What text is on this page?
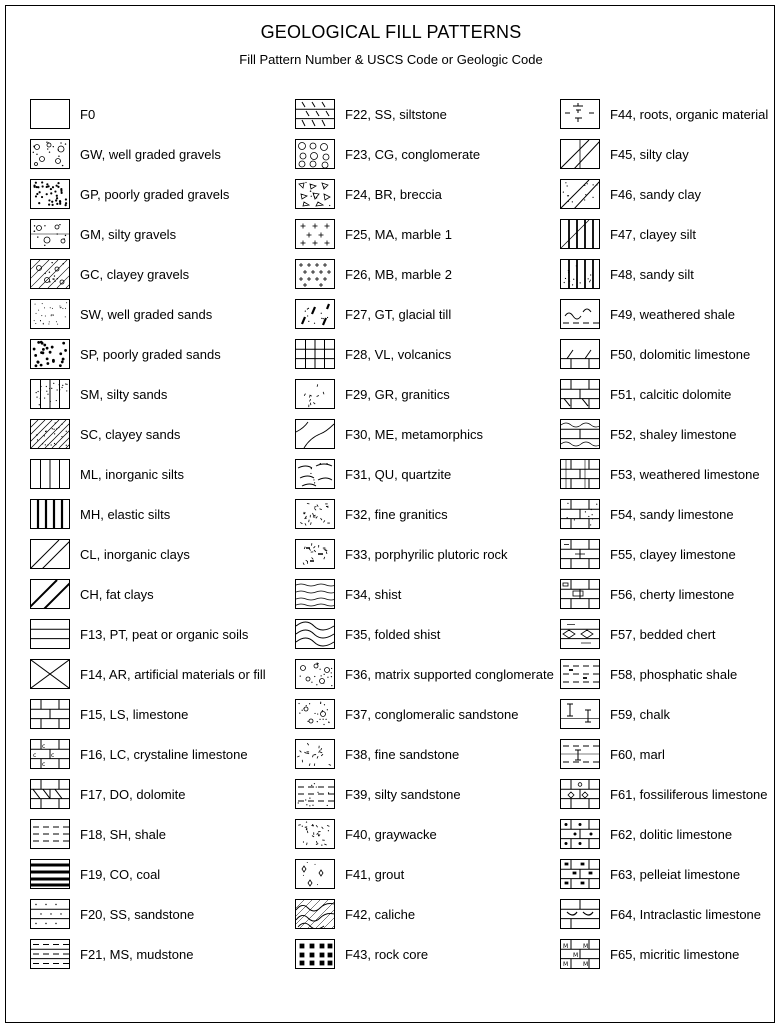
GEOLOGICAL FILL PATTERNS
Fill Pattern Number & USCS Code or Geologic Code
F0
GW, well graded gravels
GP, poorly graded gravels
GM, silty gravels
GC, clayey gravels
SW, well graded sands
SP, poorly graded sands
SM, silty sands
SC, clayey sands
ML, inorganic silts
MH, elastic silts
CL, inorganic clays
CH, fat clays
F13, PT, peat or organic soils
F14, AR, artificial materials or fill
F15, LS, limestone
c
c c
c
F16, LC, crystaline limestone
F17, DO, dolomite
F18, SH, shale
F19, CO, coal
F20, SS, sandstone
F21, MS, mudstone
F22, SS, siltstone
F23, CG, conglomerate
F24, BR, breccia
F25, MA, marble 1
F26, MB, marble 2
F27, GT, glacial till
F28, VL, volcanics
F29, GR, granitics
F30, ME, metamorphics
F31, QU, quartzite
F32, fine granitics
F33, porphyrilic plutoric rock
F34, shist
F35, folded shist
F36, matrix supported conglomerate
F37, conglomeralic sandstone
F38, fine sandstone
F39, silty sandstone
F40, graywacke
F41, grout
F42, caliche
F43, rock core
F44, roots, organic material
F45, silty clay
F46, sandy clay
F47, clayey silt
F48, sandy silt
F49, weathered shale
F50, dolomitic limestone
F51, calcitic dolomite
F52, shaley limestone
F53, weathered limestone
F54, sandy limestone
F55, clayey limestone
F56, cherty limestone
F57, bedded chert
F58, phosphatic shale
F59, chalk
F60, marl
F61, fossiliferous limestone
F62, dolitic limestone
F63, pelleiat limestone
F64, Intraclastic limestone
M M
M
M M
F65, micritic limestone
